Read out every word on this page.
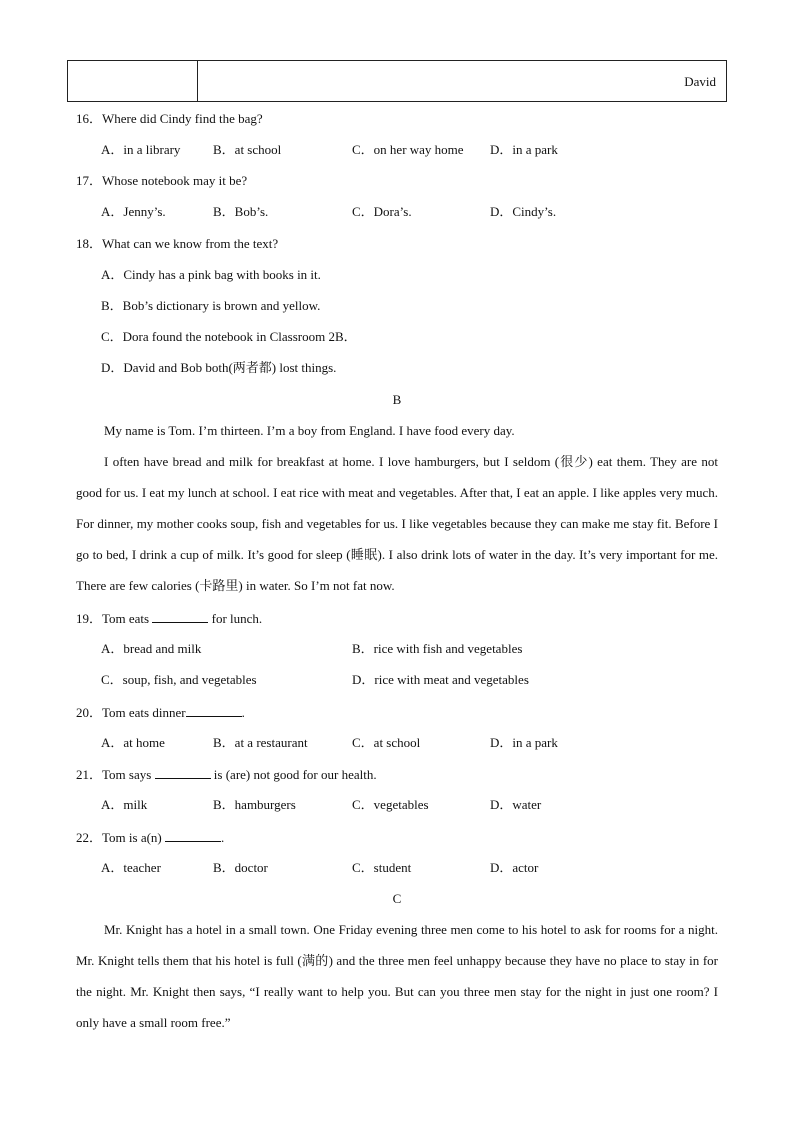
David
16．Where did Cindy find the bag?
A．in a library	B．at school	C．on her way home D．in a park
17．Whose notebook may it be?
A．Jenny’s.	B．Bob’s.	C．Dora’s.	D．Cindy’s.
18．What can we know from the text?
A．Cindy has a pink bag with books in it.
B．Bob’s dictionary is brown and yellow.
C．Dora found the notebook in Classroom 2B．
D．David and Bob both(两者都) lost things.
B
My name is Tom. I’m thirteen. I’m a boy from England. I have food every day.
I often have bread and milk for breakfast at home. I love hamburgers, but I seldom (很少) eat them. They are not good for us. I eat my lunch at school. I eat rice with meat and vegetables. After that, I eat an apple. I like apples very much. For dinner, my mother cooks soup, fish and vegetables for us. I like vegetables because they can make me stay fit. Before I go to bed, I drink a cup of milk. It’s good for sleep (睡眠). I also drink lots of water in the day. It’s very important for me. There are few calories (卡路里) in water. So I’m not fat now.
19．Tom eats	for lunch.
A．bread and milk	B．rice with fish and vegetables
C．soup, fish, and vegetables	D．rice with meat and vegetables
20．Tom eats dinner	.
A．at home	B．at a restaurant	C．at school	D．in a park
21．Tom says	is (are) not good for our health.
A．milk	B．hamburgers	C．vegetables	D．water
22．Tom is a(n)	.
A．teacher	B．doctor	C．student	D．actor
C
Mr. Knight has a hotel in a small town. One Friday evening three men come to his hotel to ask for rooms for a night. Mr. Knight tells them that his hotel is full (满的) and the three men feel unhappy because they have no place to stay in for the night. Mr. Knight then says, “I really want to help you. But can you three men stay for the night in just one room? I only have a small room free.”
